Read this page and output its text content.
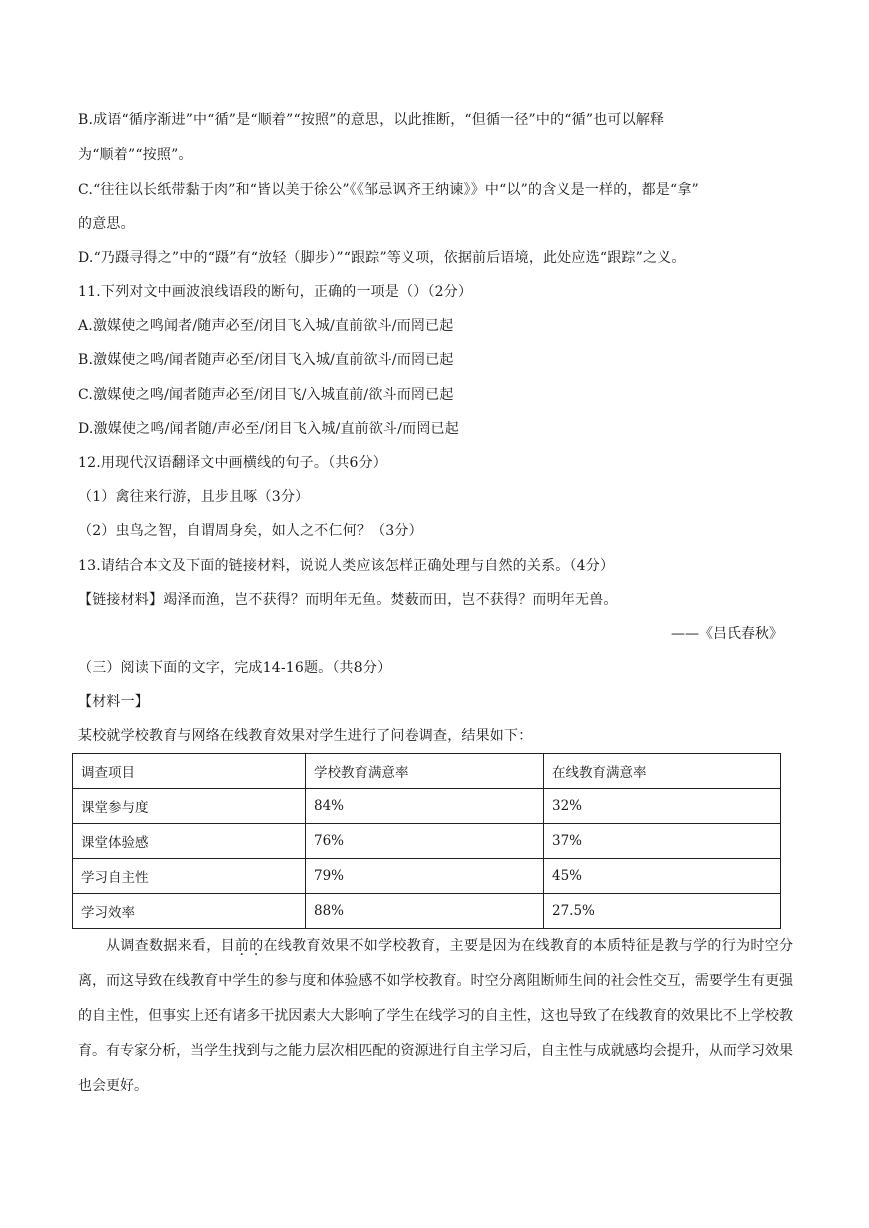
B.成语“循序渐进”中“循”是“顺着”“按照”的意思，以此推断，“但循一径”中的“循”也可以解释
为“顺着”“按照”。
C.“往往以长纸带黏于肉”和“皆以美于徐公”《《邹忌讽齐王纳谏》》中“以”的含义是一样的，都是“拿”
的意思。
D.“乃蹑寻得之”中的“蹑”有“放轻（脚步）”“跟踪”等义项，依据前后语境，此处应选“跟踪”之义。
11.下列对文中画波浪线语段的断句，正确的一项是（）（2分）
A.激媒使之鸣闻者/随声必至/闭目飞入城/直前欲斗/而罔已起
B.激媒使之鸣/闻者随声必至/闭目飞入城/直前欲斗/而罔已起
C.激媒使之鸣/闻者随声必至/闭目飞/入城直前/欲斗而罔已起
D.激媒使之鸣/闻者随/声必至/闭目飞入城/直前欲斗/而罔已起
12.用现代汉语翻译文中画横线的句子。（共6分）
（1）禽往来行游，且步且啄（3分）
（2）虫鸟之智，自谓周身矣，如人之不仁何？（3分）
13.请结合本文及下面的链接材料，说说人类应该怎样正确处理与自然的关系。（4分）
【链接材料】竭泽而渔，岂不获得？而明年无鱼。焚薮而田，岂不获得？而明年无兽。
——《吕氏春秋》
（三）阅读下面的文字，完成14-16题。（共8分）
【材料一】
某校就学校教育与网络在线教育效果对学生进行了问卷调查，结果如下：
调查项目	学校教育满意率	在线教育满意率
课堂参与度	84%	32%
课堂体验感	76%	37%
学习自主性	79%	45%
学习效率	88%	27.5%
从调查数据来看，目前的在线教育效果不如学校教育，主要是因为在线教育的本质特征是教与学的行为时空分离，而这导致在线教育中学生的参与度和体验感不如学校教育。时空分离阻断师生间的社会性交互，需要学生有更强的自主性，但事实上还有诸多干扰因素大大影响了学生在线学习的自主性，这也导致了在线教育的效果比不上学校教育。有专家分析，当学生找到与之能力层次相匹配的资源进行自主学习后，自主性与成就感均会提升，从而学习效果也会更好。
